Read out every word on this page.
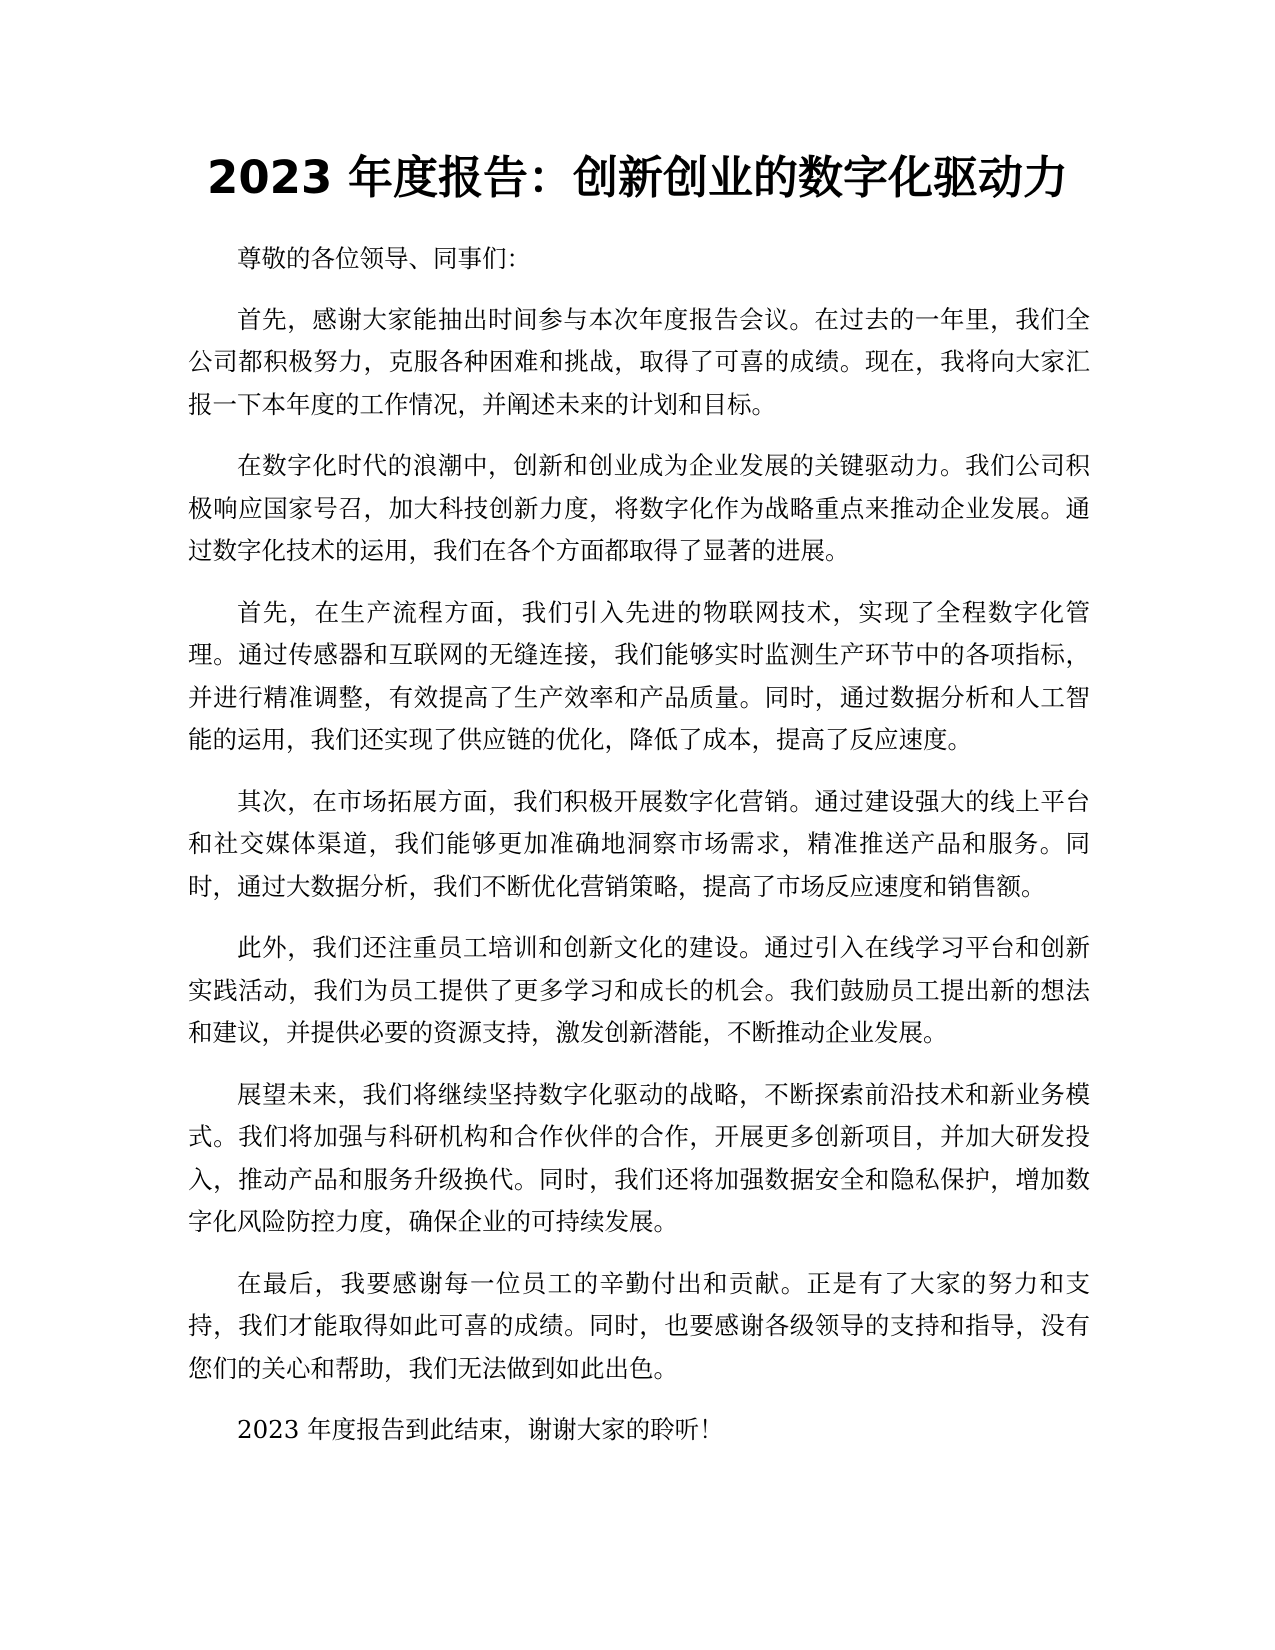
2023 年度报告：创新创业的数字化驱动力

尊敬的各位领导、同事们：

首先，感谢大家能抽出时间参与本次年度报告会议。在过去的一年里，我们全公司都积极努力，克服各种困难和挑战，取得了可喜的成绩。现在，我将向大家汇报一下本年度的工作情况，并阐述未来的计划和目标。

在数字化时代的浪潮中，创新和创业成为企业发展的关键驱动力。我们公司积极响应国家号召，加大科技创新力度，将数字化作为战略重点来推动企业发展。通过数字化技术的运用，我们在各个方面都取得了显著的进展。

首先，在生产流程方面，我们引入先进的物联网技术，实现了全程数字化管理。通过传感器和互联网的无缝连接，我们能够实时监测生产环节中的各项指标，并进行精准调整，有效提高了生产效率和产品质量。同时，通过数据分析和人工智能的运用，我们还实现了供应链的优化，降低了成本，提高了反应速度。

其次，在市场拓展方面，我们积极开展数字化营销。通过建设强大的线上平台和社交媒体渠道，我们能够更加准确地洞察市场需求，精准推送产品和服务。同时，通过大数据分析，我们不断优化营销策略，提高了市场反应速度和销售额。

此外，我们还注重员工培训和创新文化的建设。通过引入在线学习平台和创新实践活动，我们为员工提供了更多学习和成长的机会。我们鼓励员工提出新的想法和建议，并提供必要的资源支持，激发创新潜能，不断推动企业发展。

展望未来，我们将继续坚持数字化驱动的战略，不断探索前沿技术和新业务模式。我们将加强与科研机构和合作伙伴的合作，开展更多创新项目，并加大研发投入，推动产品和服务升级换代。同时，我们还将加强数据安全和隐私保护，增加数字化风险防控力度，确保企业的可持续发展。

在最后，我要感谢每一位员工的辛勤付出和贡献。正是有了大家的努力和支持，我们才能取得如此可喜的成绩。同时，也要感谢各级领导的支持和指导，没有您们的关心和帮助，我们无法做到如此出色。

2023 年度报告到此结束，谢谢大家的聆听！
